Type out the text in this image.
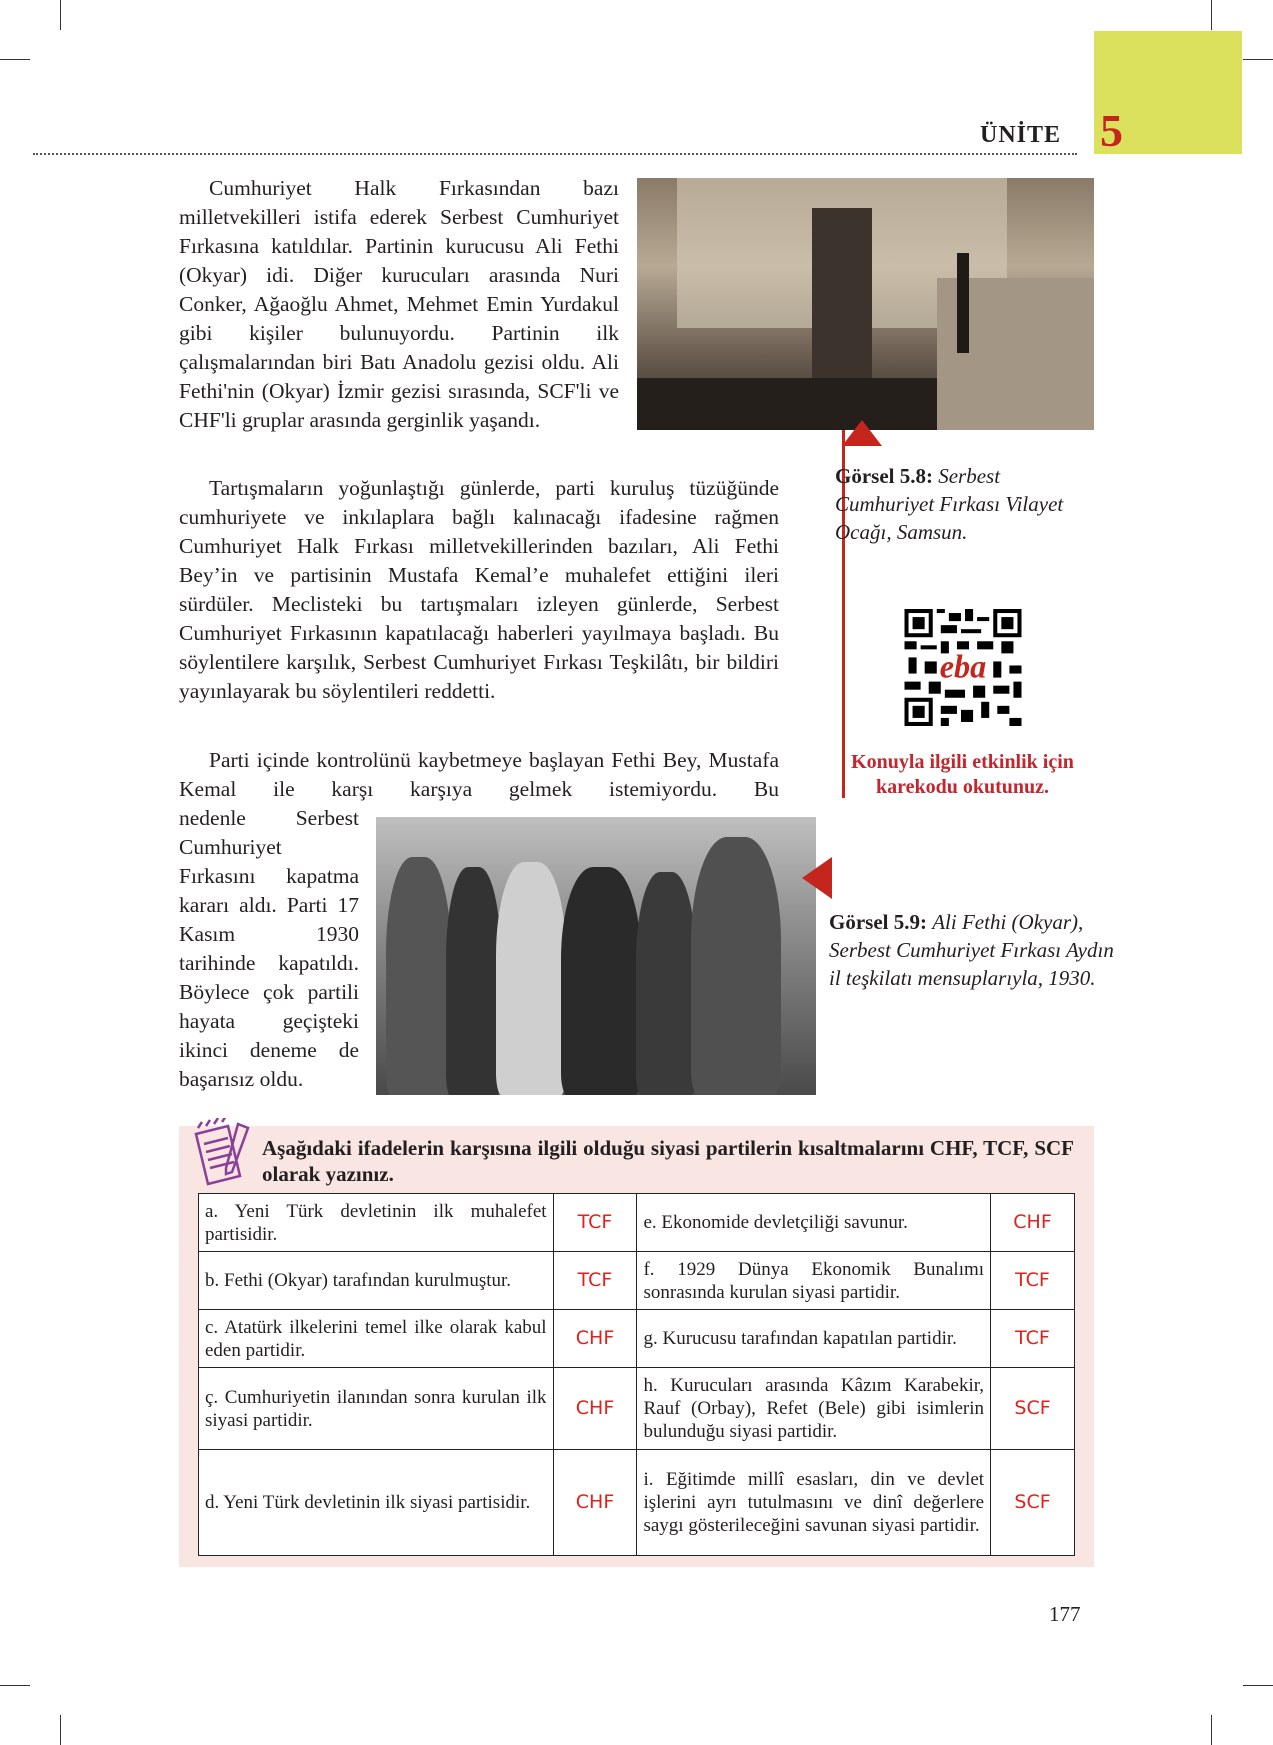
ÜNİTE 5

Cumhuriyet Halk Fırkasından bazı milletvekilleri istifa ederek Serbest Cumhuriyet Fırkasına katıldılar. Partinin kurucusu Ali Fethi (Okyar) idi. Diğer kurucuları arasında Nuri Conker, Ağaoğlu Ahmet, Mehmet Emin Yurdakul gibi kişiler bulunuyordu. Partinin ilk çalışmalarından biri Batı Anadolu gezisi oldu. Ali Fethi'nin (Okyar) İzmir gezisi sırasında, SCF'li ve CHF'li gruplar arasında gerginlik yaşandı.

Tartışmaların yoğunlaştığı günlerde, parti kuruluş tüzüğünde cumhuriyete ve inkılaplara bağlı kalınacağı ifadesine rağmen Cumhuriyet Halk Fırkası milletvekillerinden bazıları, Ali Fethi Bey’in ve partisinin Mustafa Kemal’e muhalefet ettiğini ileri sürdüler. Meclisteki bu tartışmaları izleyen günlerde, Serbest Cumhuriyet Fırkasının kapatılacağı haberleri yayılmaya başladı. Bu söylentilere karşılık, Serbest Cumhuriyet Fırkası Teşkilâtı, bir bildiri yayınlayarak bu söylentileri reddetti.

Parti içinde kontrolünü kaybetmeye başlayan Fethi Bey, Mustafa Kemal ile karşı karşıya gelmek istemiyordu. Bu

nedenle Serbest Cumhuriyet Fırkasını kapatma kararı aldı. Parti 17 Kasım 1930 tarihinde kapatıldı. Böylece çok partili hayata geçişteki ikinci deneme de başarısız oldu.
Görsel 5.8: Serbest Cumhuriyet Fırkası Vilayet Ocağı, Samsun.
eba
Konuyla ilgili etkinlik için karekodu okutunuz.
Görsel 5.9: Ali Fethi (Okyar), Serbest Cumhuriyet Fırkası Aydın il teşkilatı mensuplarıyla, 1930.
Aşağıdaki ifadelerin karşısına ilgili olduğu siyasi partilerin kısaltmalarını CHF, TCF, SCF olarak yazınız.
a. Yeni Türk devletinin ilk muhalefet partisidir.	TCF	e. Ekonomide devletçiliği savunur.	CHF
b. Fethi (Okyar) tarafından kurulmuştur.	TCF	f. 1929 Dünya Ekonomik Bunalımı sonrasında kurulan siyasi partidir.	TCF
c. Atatürk ilkelerini temel ilke olarak kabul eden partidir.	CHF	g. Kurucusu tarafından kapatılan partidir.	TCF
ç. Cumhuriyetin ilanından sonra kurulan ilk siyasi partidir.	CHF	h. Kurucuları arasında Kâzım Karabekir, Rauf (Orbay), Refet (Bele) gibi isimlerin bulunduğu siyasi partidir.	SCF
d. Yeni Türk devletinin ilk siyasi partisidir.	CHF	i. Eğitimde millî esasları, din ve devlet işlerini ayrı tutulmasını ve dinî değerlere saygı gösterileceğini savunan siyasi partidir.	SCF
177
